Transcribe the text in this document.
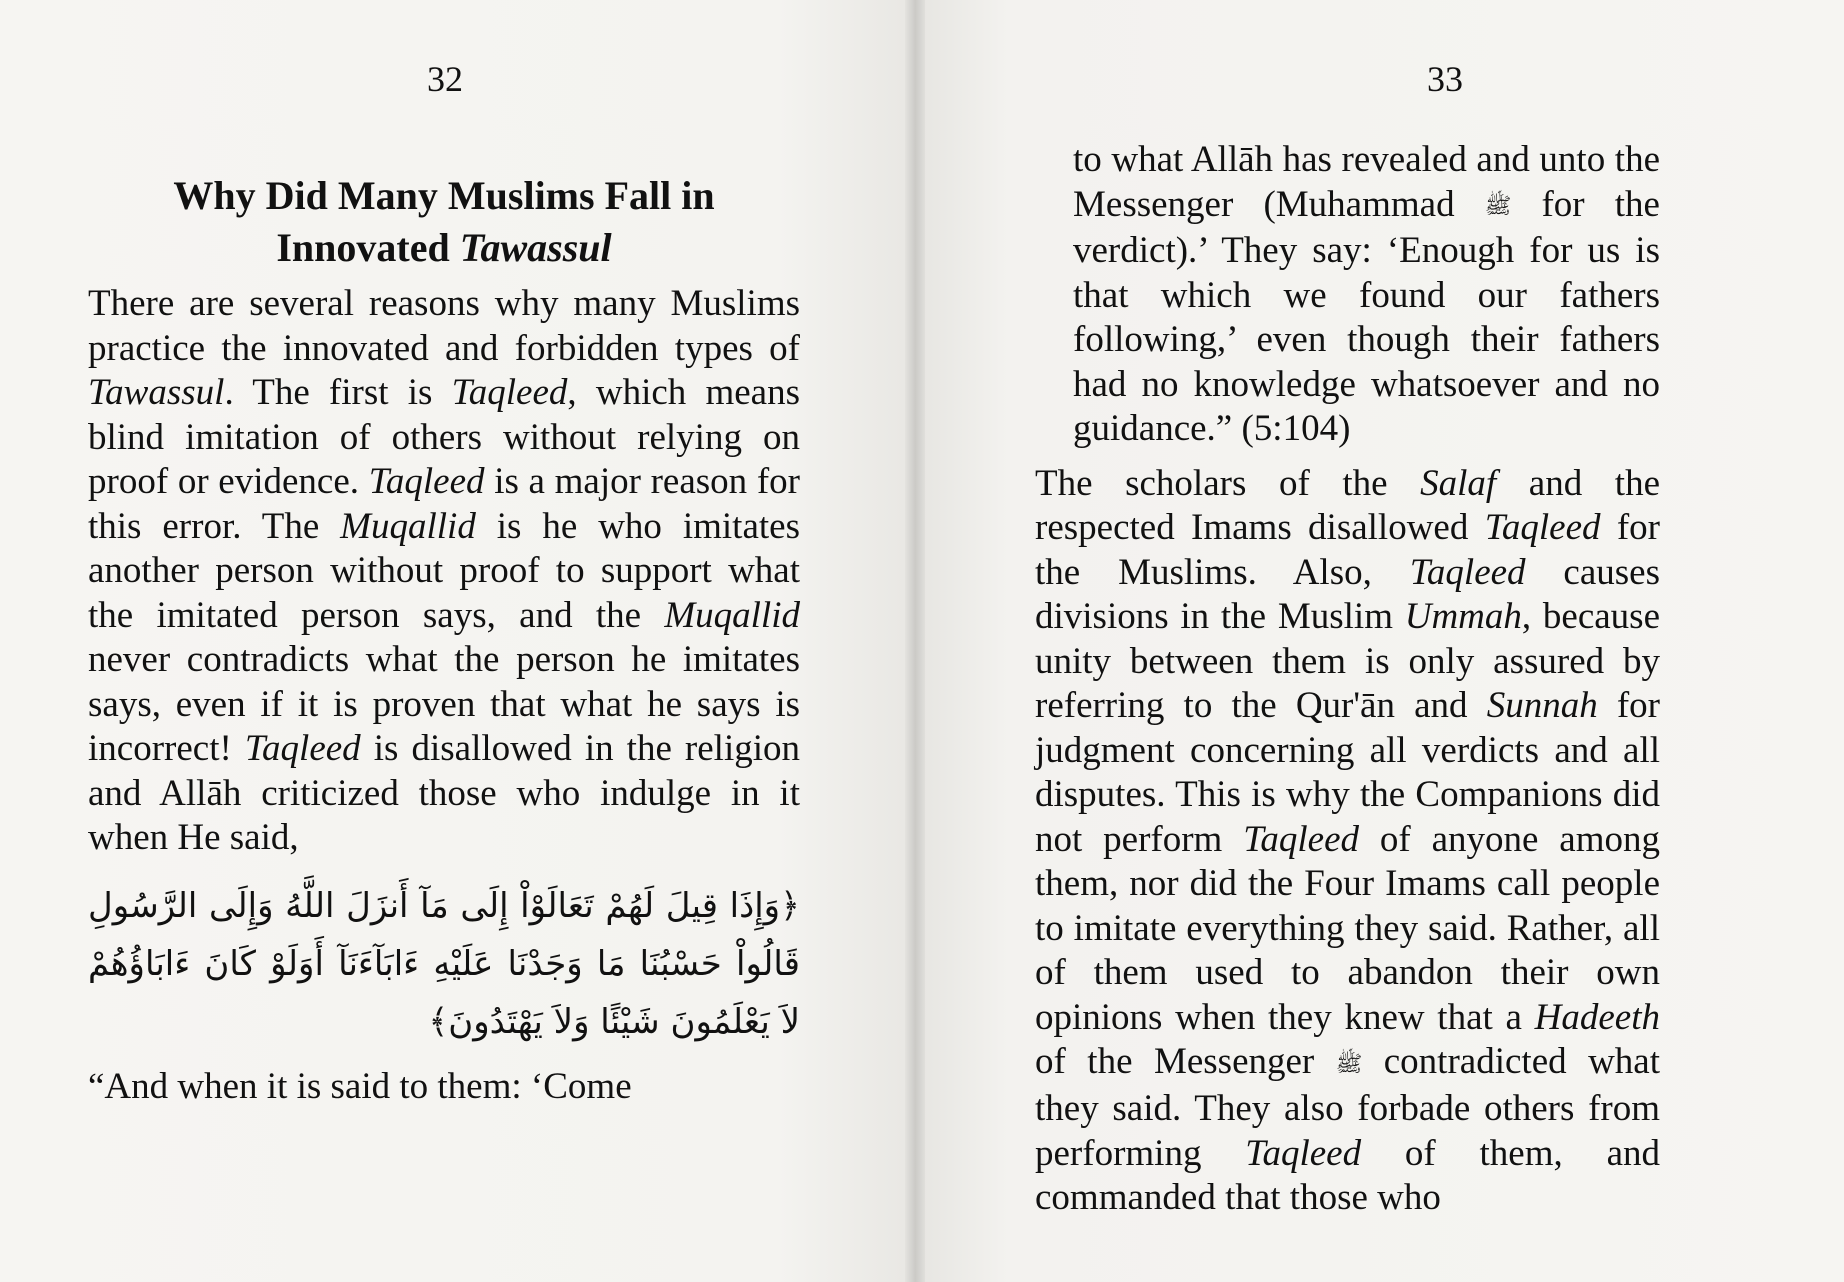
32
Why Did Many Muslims Fall in
Innovated Tawassul

There are several reasons why many Muslims practice the innovated and forbidden types of Tawassul. The first is Taqleed, which means blind imitation of others without relying on proof or evidence. Taqleed is a major reason for this error. The Muqallid is he who imitates another person without proof to support what the imitated person says, and the Muqallid never contradicts what the person he imitates says, even if it is proven that what he says is incorrect! Taqleed is disallowed in the religion and Allāh criticized those who indulge in it when He said,

﴿وَإِذَا قِيلَ لَهُمْ تَعَالَوْاْ إِلَى مَآ أَنزَلَ اللَّهُ وَإِلَى الرَّسُولِ قَالُواْ حَسْبُنَا مَا وَجَدْنَا عَلَيْهِ ءَابَآءَنَآ أَوَلَوْ كَانَ ءَابَاؤُهُمْ لاَ يَعْلَمُونَ شَيْئًا وَلاَ يَهْتَدُونَ﴾

“And when it is said to them: ‘Come

33

to what Allāh has revealed and unto the Messenger (Muhammad ﷺ for the verdict).’ They say: ‘Enough for us is that which we found our fathers following,’ even though their fathers had no knowledge whatsoever and no guidance.” (5:104)

The scholars of the Salaf and the respected Imams disallowed Taqleed for the Muslims. Also, Taqleed causes divisions in the Muslim Ummah, because unity between them is only assured by referring to the Qur'ān and Sunnah for judgment concerning all verdicts and all disputes. This is why the Companions did not perform Taqleed of anyone among them, nor did the Four Imams call people to imitate everything they said. Rather, all of them used to abandon their own opinions when they knew that a Hadeeth of the Messenger ﷺ contradicted what they said. They also forbade others from performing Taqleed of them, and commanded that those who
